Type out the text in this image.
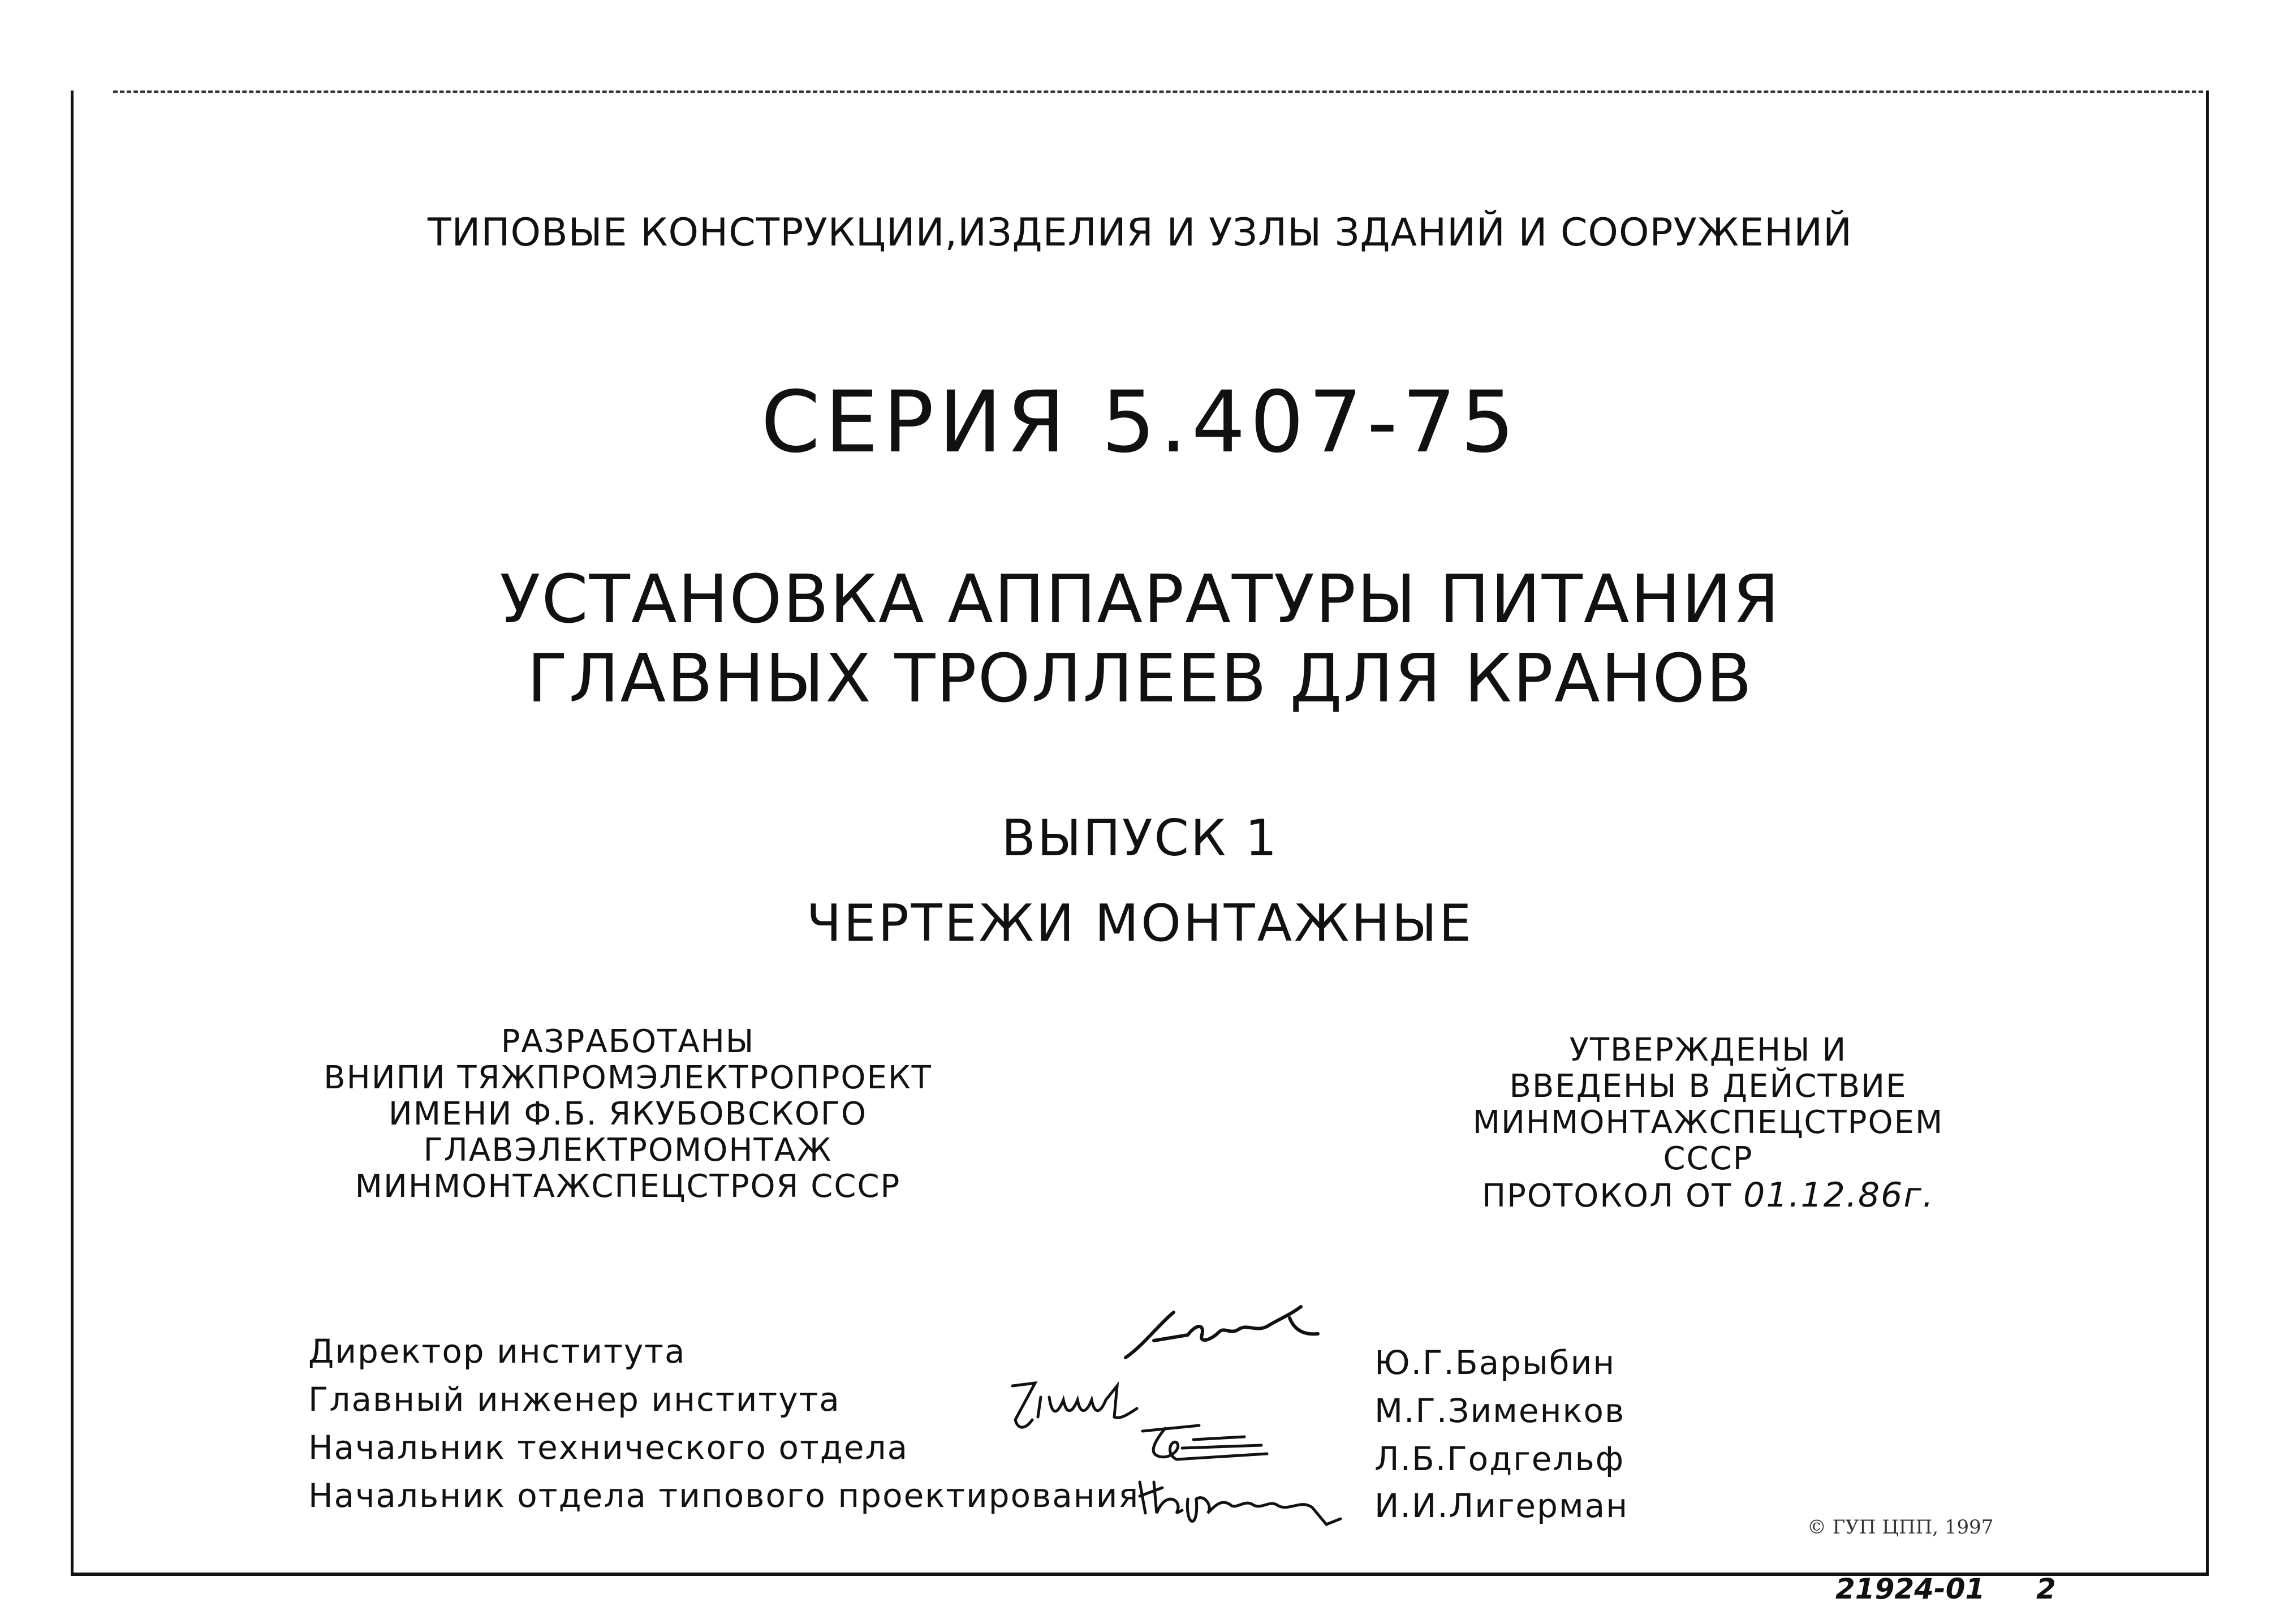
ТИПОВЫЕ КОНСТРУКЦИИ,ИЗДЕЛИЯ И УЗЛЫ ЗДАНИЙ И СООРУЖЕНИЙ
СЕРИЯ 5.407-75
УСТАНОВКА АППАРАТУРЫ ПИТАНИЯ
ГЛАВНЫХ ТРОЛЛЕЕВ ДЛЯ КРАНОВ
ВЫПУСК 1
ЧЕРТЕЖИ МОНТАЖНЫЕ
РАЗРАБОТАНЫ
ВНИПИ ТЯЖПРОМЭЛЕКТРОПРОЕКТ
ИМЕНИ Ф.Б. ЯКУБОВСКОГО
ГЛАВЭЛЕКТРОМОНТАЖ
МИНМОНТАЖСПЕЦСТРОЯ СССР
УТВЕРЖДЕНЫ И
ВВЕДЕНЫ В ДЕЙСТВИЕ
МИНМОНТАЖСПЕЦСТРОЕМ СССР
ПРОТОКОЛ ОТ 01.12.86г.
Директор института
Главный инженер института
Начальник технического отдела
Начальник отдела типового проектирования
Ю.Г.Барыбин
М.Г.Зименков
Л.Б.Годгельф
И.И.Лигерман
© ГУП ЦПП, 1997
21924-01 2
